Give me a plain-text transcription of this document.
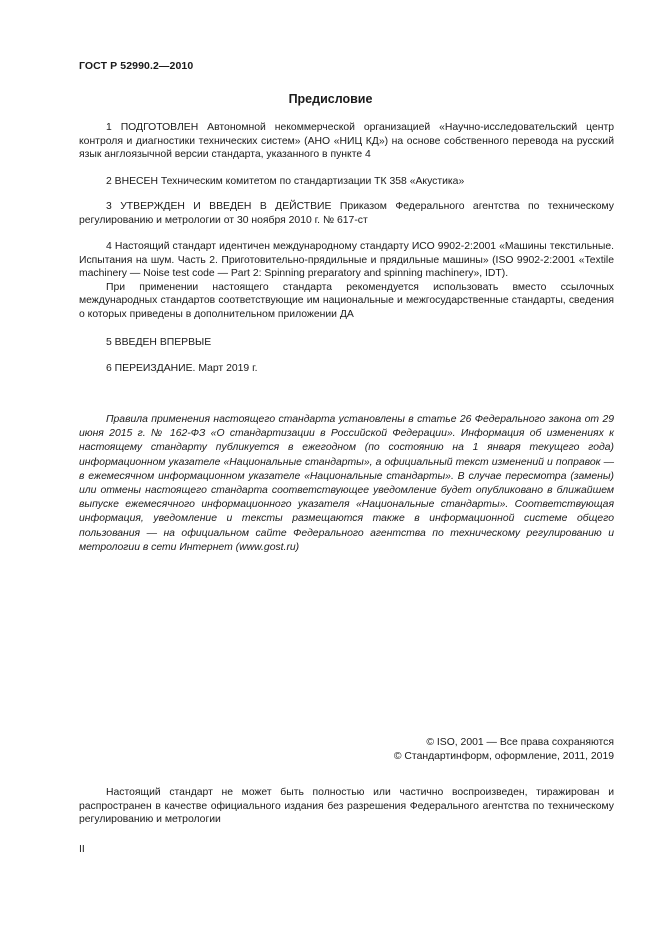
ГОСТ Р 52990.2—2010
Предисловие

1 ПОДГОТОВЛЕН Автономной некоммерческой организацией «Научно-исследовательский центр контроля и диагностики технических систем» (АНО «НИЦ КД») на основе собственного перевода на русский язык англоязычной версии стандарта, указанного в пункте 4

2 ВНЕСЕН Техническим комитетом по стандартизации ТК 358 «Акустика»

3 УТВЕРЖДЕН И ВВЕДЕН В ДЕЙСТВИЕ Приказом Федерального агентства по техническому регулированию и метрологии от 30 ноября 2010 г. № 617-ст

4 Настоящий стандарт идентичен международному стандарту ИСО 9902-2:2001 «Машины текстильные. Испытания на шум. Часть 2. Приготовительно-прядильные и прядильные машины» (ISO 9902-2:2001 «Textile machinery — Noise test code — Part 2: Spinning preparatory and spinning machinery», IDT).

При применении настоящего стандарта рекомендуется использовать вместо ссылочных международных стандартов соответствующие им национальные и межгосударственные стандарты, сведения о которых приведены в дополнительном приложении ДА

5 ВВЕДЕН ВПЕРВЫЕ

6 ПЕРЕИЗДАНИЕ. Март 2019 г.

Правила применения настоящего стандарта установлены в статье 26 Федерального закона от 29 июня 2015 г. № 162-ФЗ «О стандартизации в Российской Федерации». Информация об изменениях к настоящему стандарту публикуется в ежегодном (по состоянию на 1 января текущего года) информационном указателе «Национальные стандарты», а официальный текст изменений и поправок — в ежемесячном информационном указателе «Национальные стандарты». В случае пересмотра (замены) или отмены настоящего стандарта соответствующее уведомление будет опубликовано в ближайшем выпуске ежемесячного информационного указателя «Национальные стандарты». Соответствующая информация, уведомление и тексты размещаются также в информационной системе общего пользования — на официальном сайте Федерального агентства по техническому регулированию и метрологии в сети Интернет (www.gost.ru)

© ISO, 2001 — Все права сохраняются
© Стандартинформ, оформление, 2011, 2019

Настоящий стандарт не может быть полностью или частично воспроизведен, тиражирован и распространен в качестве официального издания без разрешения Федерального агентства по техническому регулированию и метрологии

II
